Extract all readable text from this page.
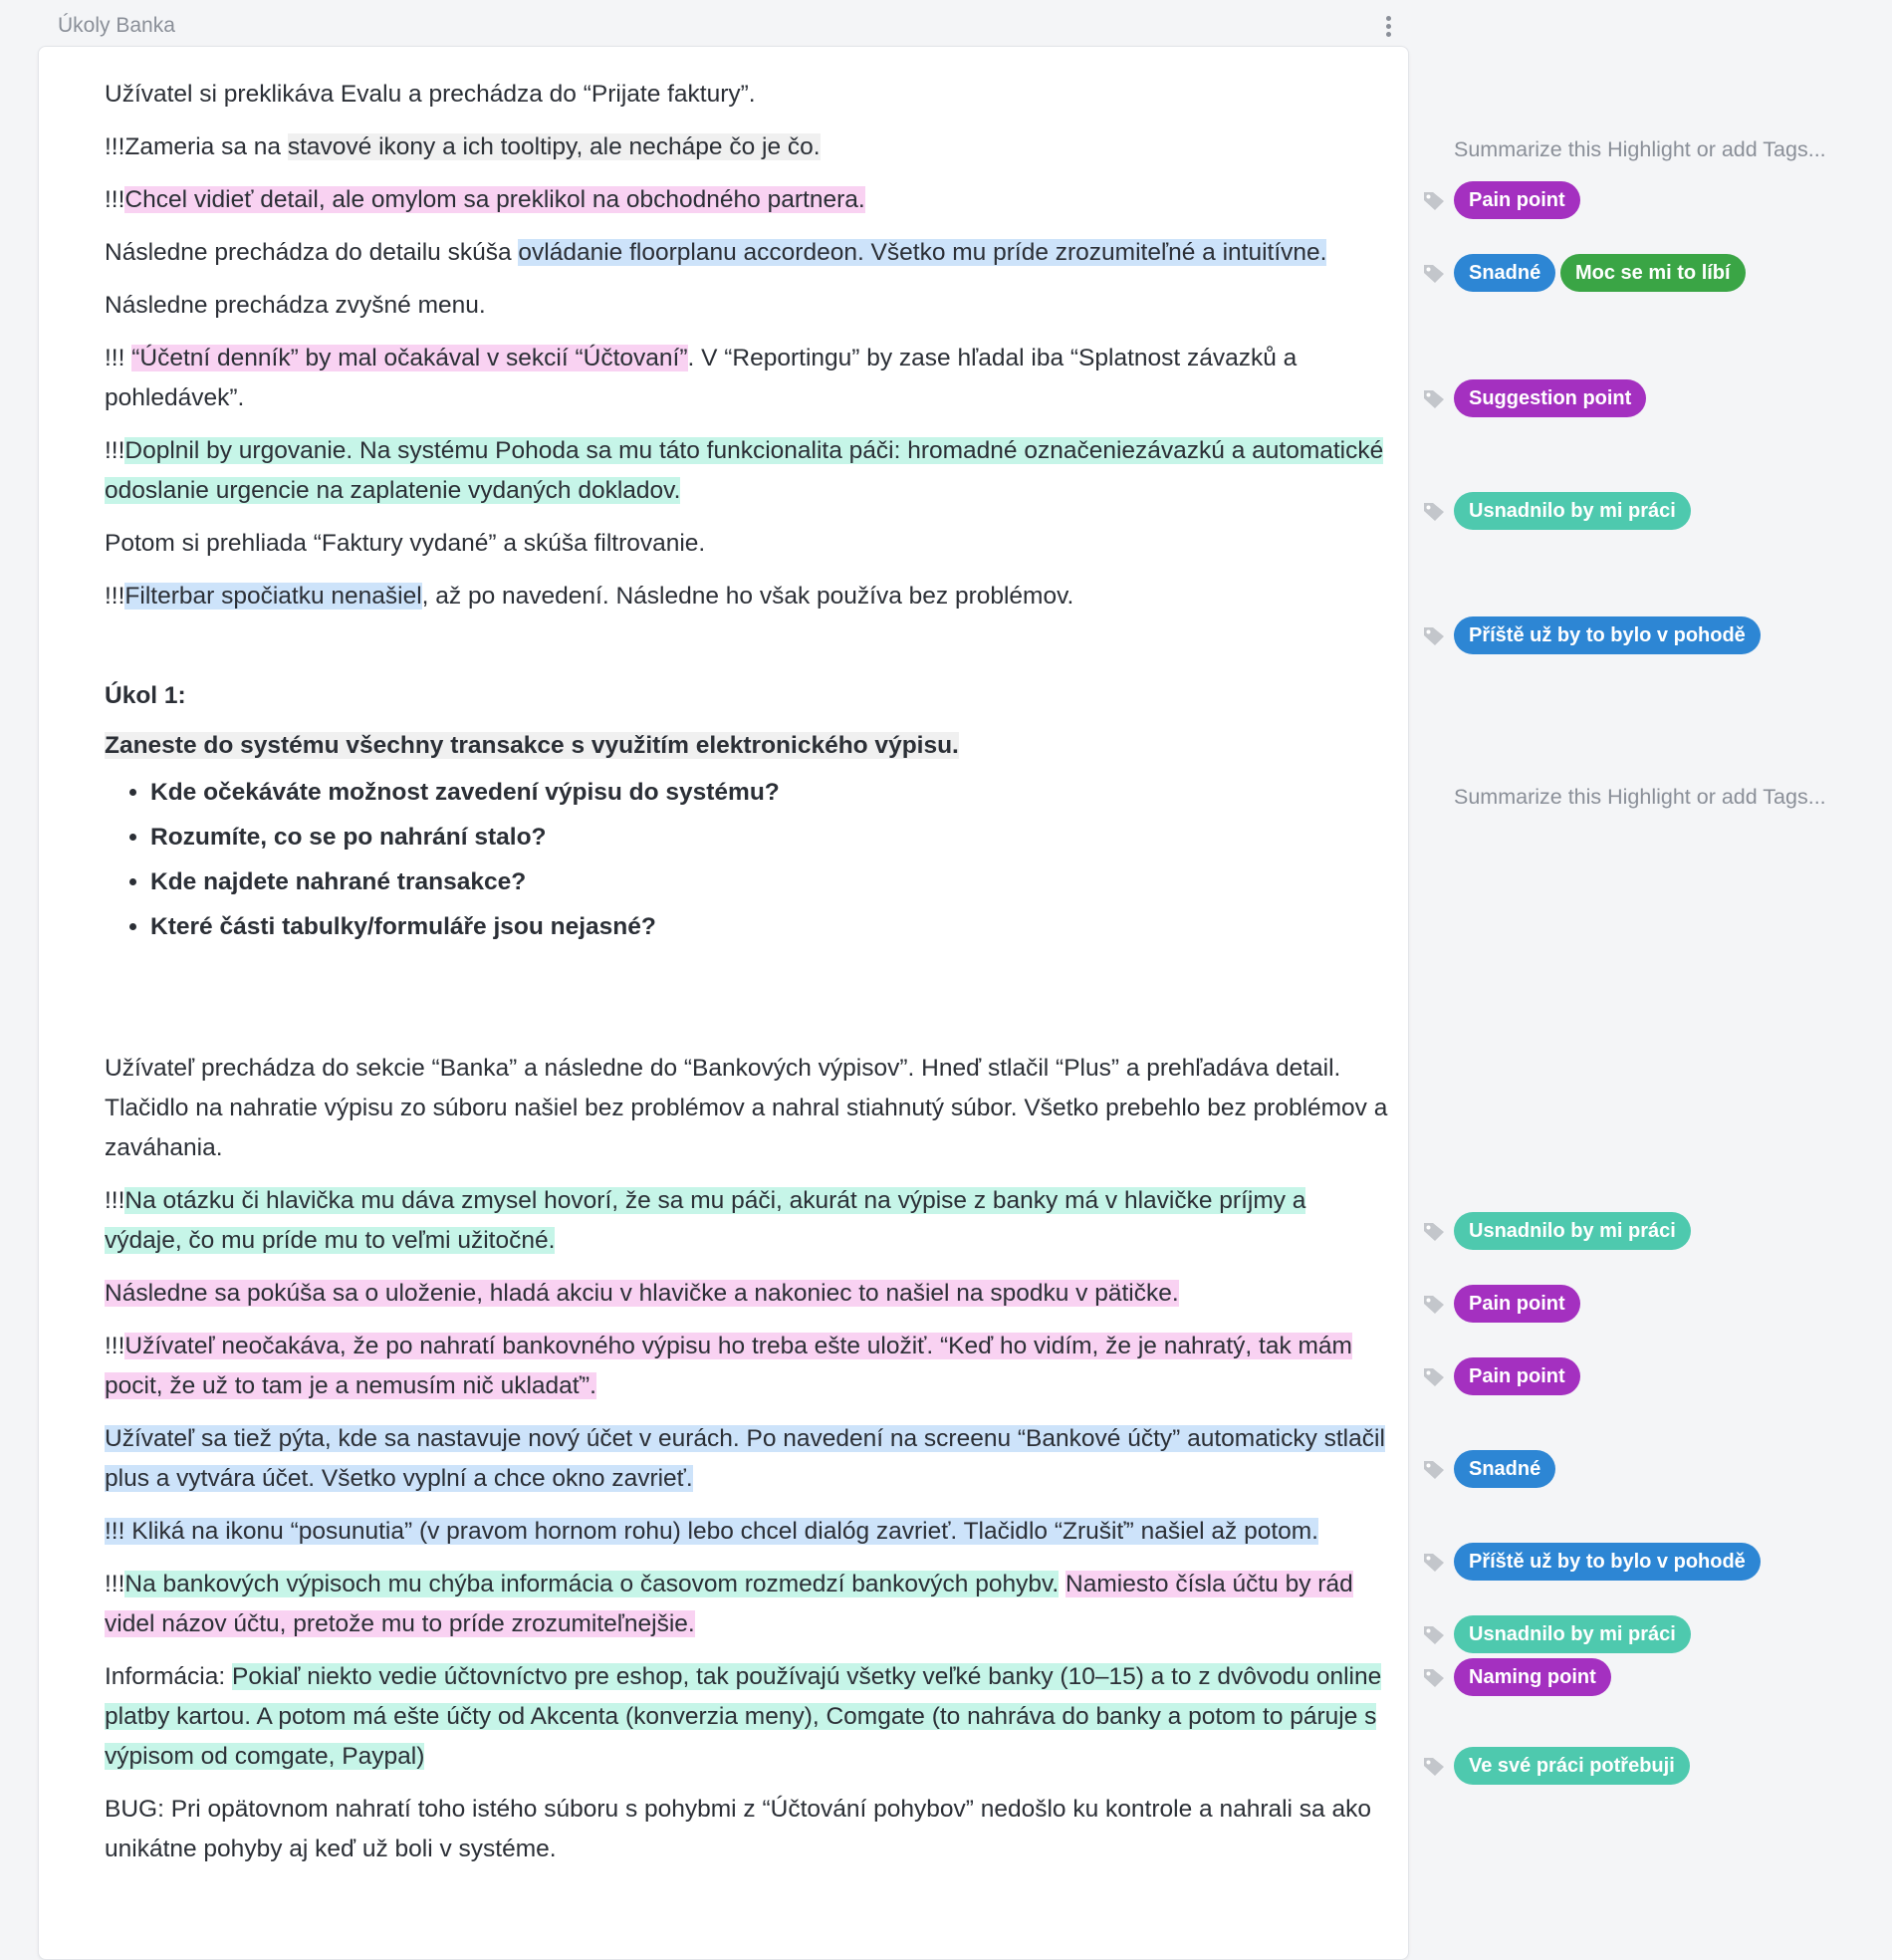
Úkoly Banka

Užívatel si preklikáva Evalu a prechádza do “Prijate faktury”.

!!!Zameria sa na stavové ikony a ich tooltipy, ale nechápe čo je čo.

!!!Chcel vidieť detail, ale omylom sa preklikol na obchodného partnera.

Následne prechádza do detailu skúša ovládanie floorplanu accordeon. Všetko mu príde zrozumiteľné a intuitívne.

Následne prechádza zvyšné menu.

!!! “Účetní denník” by mal očakával v sekcií “Účtovaní”. V “Reportingu” by zase hľadal iba “Splatnost závazků a pohledávek”.

!!!Doplnil by urgovanie. Na systému Pohoda sa mu táto funkcionalita páči: hromadné označeniezávazkú a automatické odoslanie urgencie na zaplatenie vydaných dokladov.

Potom si prehliada “Faktury vydané” a skúša filtrovanie.

!!!Filterbar spočiatku nenašiel, až po navedení. Následne ho však používa bez problémov.

Úkol 1:

Zaneste do systému všechny transakce s využitím elektronického výpisu.

• Kde očekáváte možnost zavedení výpisu do systému?
• Rozumíte, co se po nahrání stalo?
• Kde najdete nahrané transakce?
• Které části tabulky/formuláře jsou nejasné?

Užívateľ prechádza do sekcie “Banka” a následne do “Bankových výpisov”. Hneď stlačil “Plus” a prehľadáva detail. Tlačidlo na nahratie výpisu zo súboru našiel bez problémov a nahral stiahnutý súbor. Všetko prebehlo bez problémov a zaváhania.

!!!Na otázku či hlavička mu dáva zmysel hovorí, že sa mu páči, akurát na výpise z banky má v hlavičke príjmy a výdaje, čo mu príde mu to veľmi užitočné.

Následne sa pokúša sa o uloženie, hladá akciu v hlavičke a nakoniec to našiel na spodku v pätičke.

!!!Užívateľ neočakáva, že po nahratí bankovného výpisu ho treba ešte uložiť. “Keď ho vidím, že je nahratý, tak mám pocit, že už to tam je a nemusím nič ukladať”.

Užívateľ sa tiež pýta, kde sa nastavuje nový účet v eurách. Po navedení na screenu “Bankové účty” automaticky stlačil plus a vytvára účet. Všetko vyplní a chce okno zavrieť.

!!! Kliká na ikonu “posunutia” (v pravom hornom rohu) lebo chcel dialóg zavrieť. Tlačidlo “Zrušiť” našiel až potom.

!!!Na bankových výpisoch mu chýba informácia o časovom rozmedzí bankových pohybv. Namiesto čísla účtu by rád videl názov účtu, pretože mu to príde zrozumiteľnejšie.

Informácia: Pokiaľ niekto vedie účtovníctvo pre eshop, tak používajú všetky veľké banky (10–15) a to z dvôvodu online platby kartou. A potom má ešte účty od Akcenta (konverzia meny), Comgate (to nahráva do banky a potom to páruje s výpisom od comgate, Paypal)

BUG: Pri opätovnom nahratí toho istého súboru s pohybmi z “Účtování pohybov” nedošlo ku kontrole a nahrali sa ako unikátne pohyby aj keď už boli v systéme.

Summarize this Highlight or add Tags...
Summarize this Highlight or add Tags...
Pain point
Snadné	Moc se mi to líbí
Suggestion point
Usnadnilo by mi práci
Příště už by to bylo v pohodě
Usnadnilo by mi práci
Pain point
Pain point
Snadné
Příště už by to bylo v pohodě
Usnadnilo by mi práci
Naming point
Ve své práci potřebuji
